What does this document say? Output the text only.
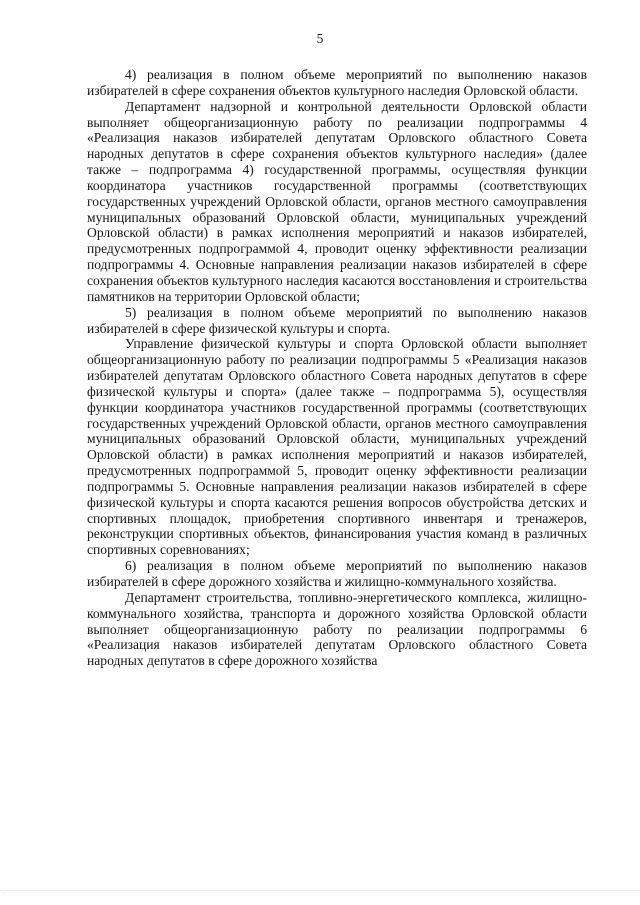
5

4) реализация в полном объеме мероприятий по выполнению наказов избирателей в сфере сохранения объектов культурного наследия Орловской области.

Департамент надзорной и контрольной деятельности Орловской области выполняет общеорганизационную работу по реализации подпрограммы 4 «Реализация наказов избирателей депутатам Орловского областного Совета народных депутатов в сфере сохранения объектов культурного наследия» (далее также – подпрограмма 4) государственной программы, осуществляя функции координатора участников государственной программы (соответствующих государственных учреждений Орловской области, органов местного самоуправления муниципальных образований Орловской области, муниципальных учреждений Орловской области) в рамках исполнения мероприятий и наказов избирателей, предусмотренных подпрограммой 4, проводит оценку эффективности реализации подпрограммы 4. Основные направления реализации наказов избирателей в сфере сохранения объектов культурного наследия касаются восстановления и строительства памятников на территории Орловской области;

5) реализация в полном объеме мероприятий по выполнению наказов избирателей в сфере физической культуры и спорта.

Управление физической культуры и спорта Орловской области выполняет общеорганизационную работу по реализации подпрограммы 5 «Реализация наказов избирателей депутатам Орловского областного Совета народных депутатов в сфере физической культуры и спорта» (далее также – подпрограмма 5), осуществляя функции координатора участников государственной программы (соответствующих государственных учреждений Орловской области, органов местного самоуправления муниципальных образований Орловской области, муниципальных учреждений Орловской области) в рамках исполнения мероприятий и наказов избирателей, предусмотренных подпрограммой 5, проводит оценку эффективности реализации подпрограммы 5. Основные направления реализации наказов избирателей в сфере физической культуры и спорта касаются решения вопросов обустройства детских и спортивных площадок, приобретения спортивного инвентаря и тренажеров, реконструкции спортивных объектов, финансирования участия команд в различных спортивных соревнованиях;

6) реализация в полном объеме мероприятий по выполнению наказов избирателей в сфере дорожного хозяйства и жилищно-коммунального хозяйства.

Департамент строительства, топливно-энергетического комплекса, жилищно-коммунального хозяйства, транспорта и дорожного хозяйства Орловской области выполняет общеорганизационную работу по реализации подпрограммы 6 «Реализация наказов избирателей депутатам Орловского областного Совета народных депутатов в сфере дорожного хозяйства
